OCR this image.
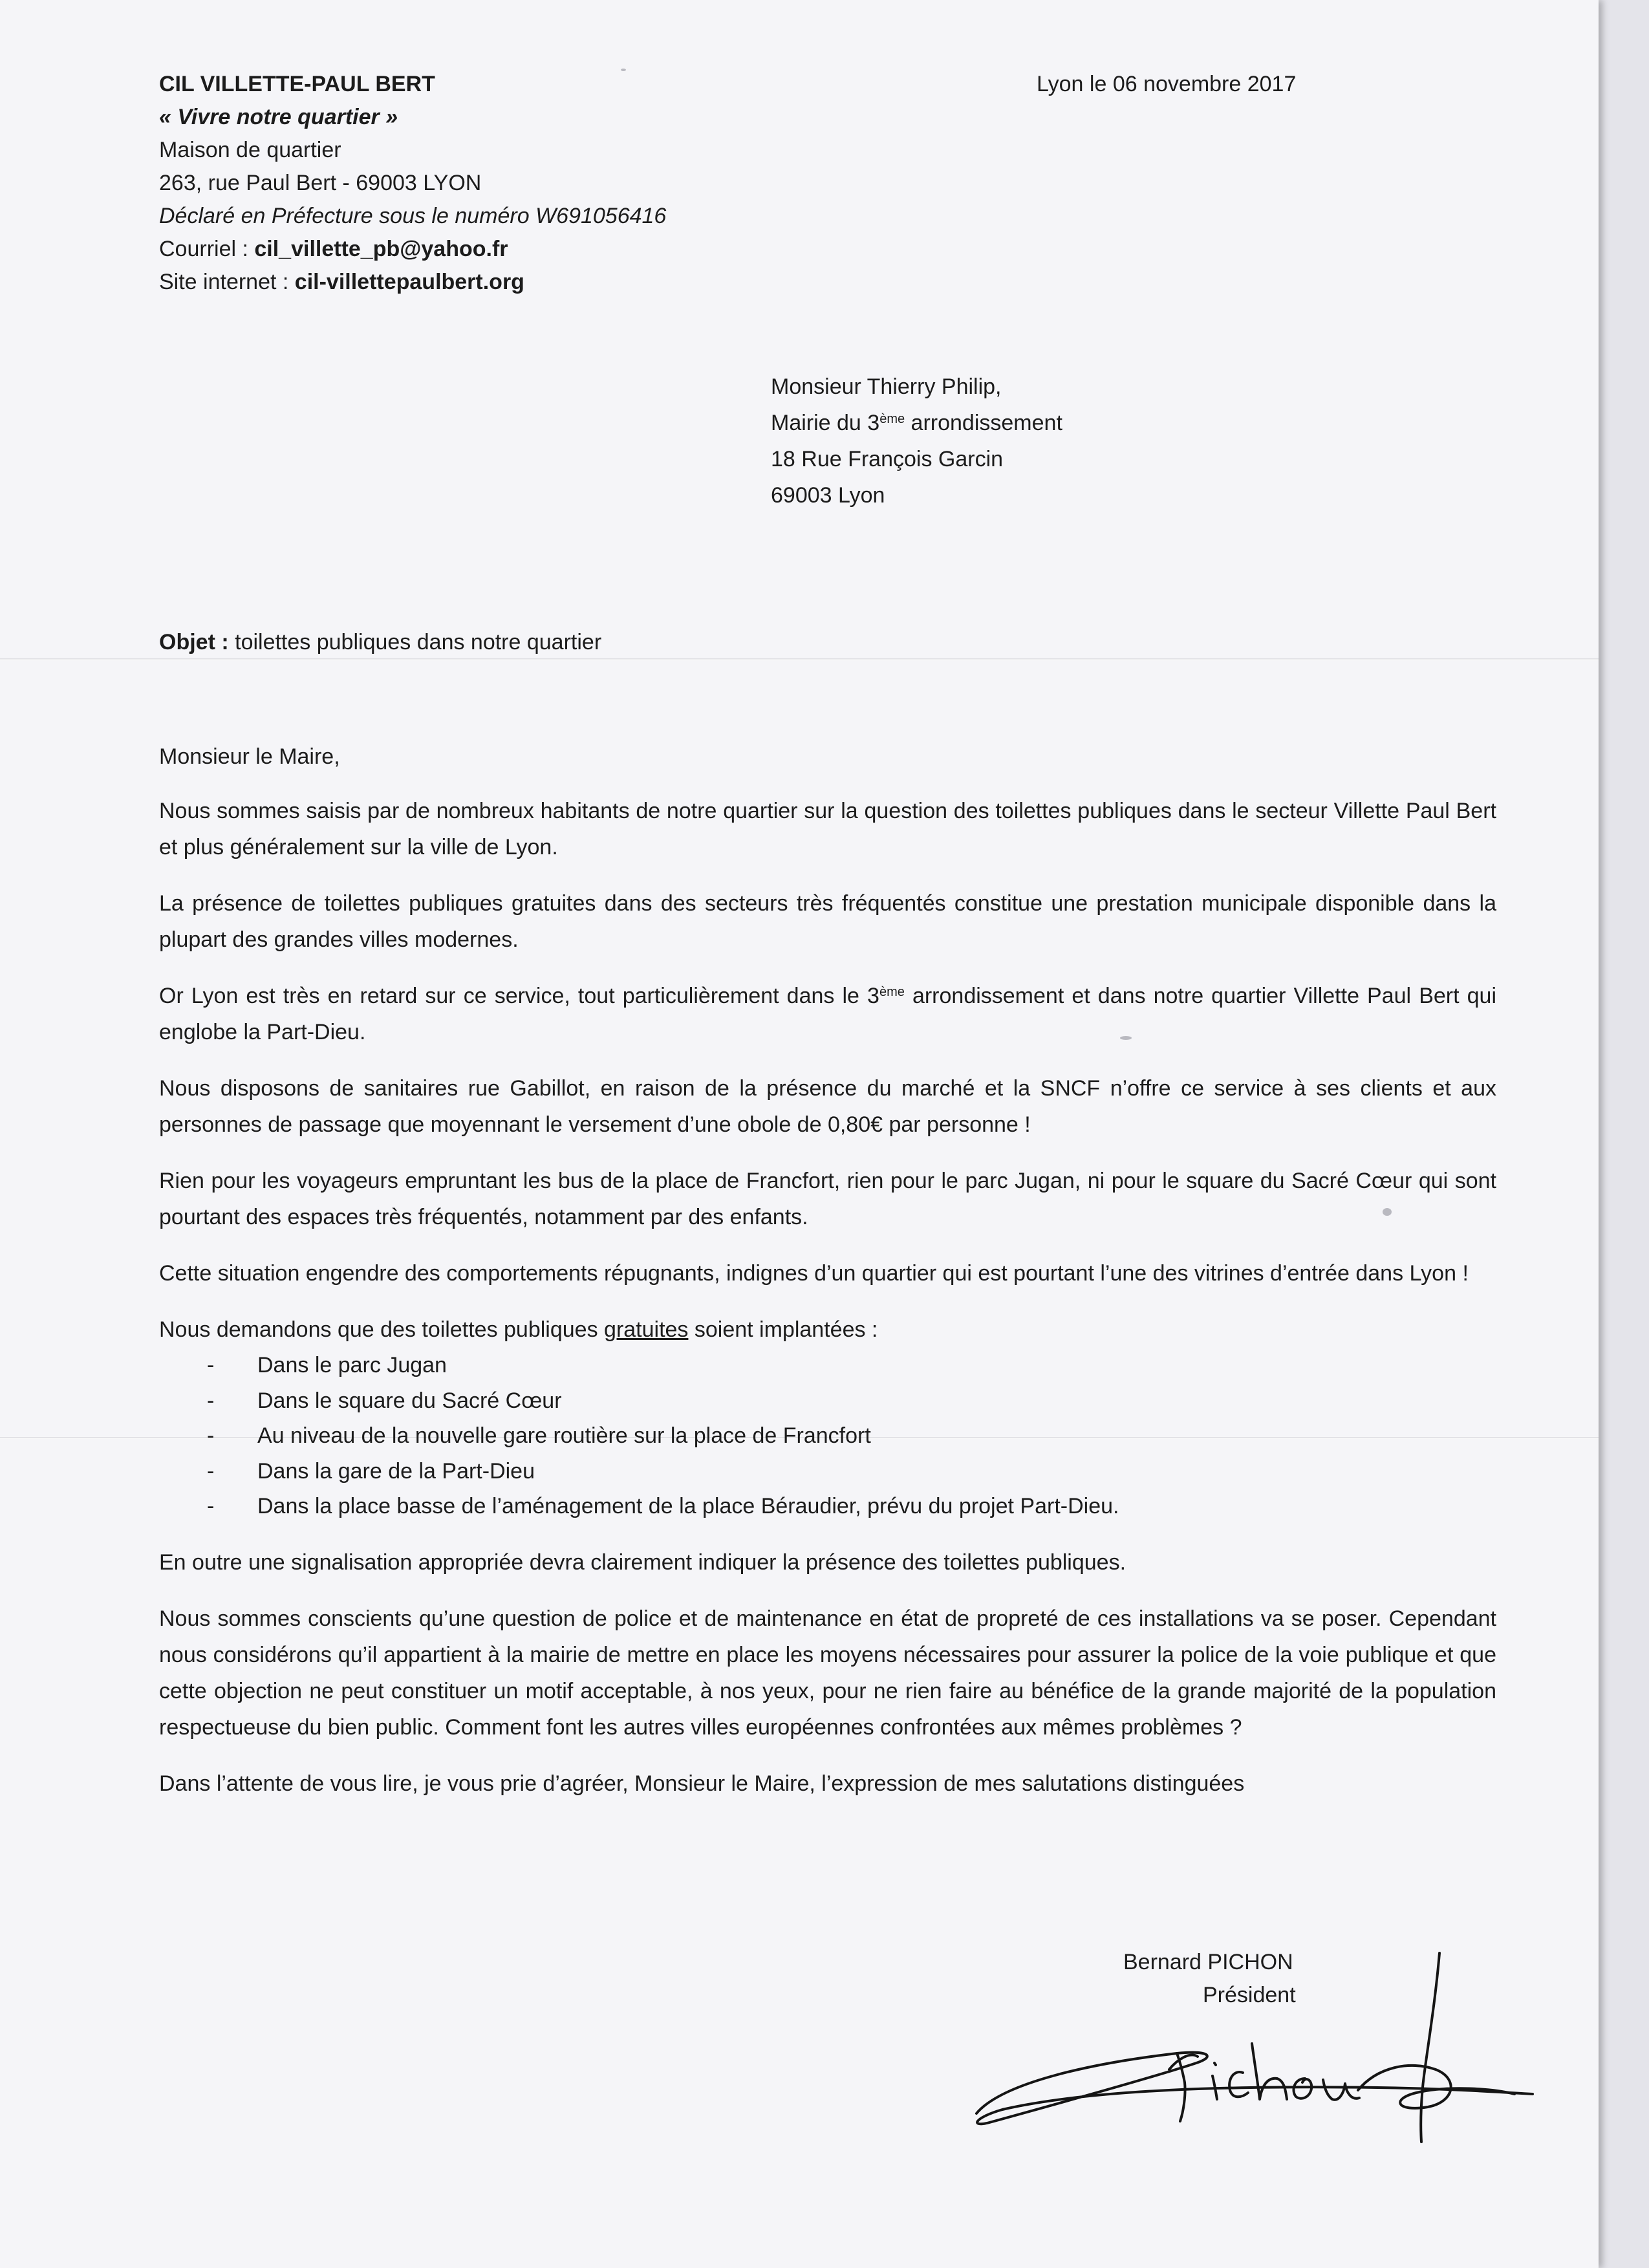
CIL VILLETTE-PAUL BERT
« Vivre notre quartier »
Maison de quartier
263, rue Paul Bert - 69003 LYON
Déclaré en Préfecture sous le numéro W691056416
Courriel : cil_villette_pb@yahoo.fr
Site internet : cil-villettepaulbert.org
Lyon le 06 novembre 2017
Monsieur Thierry Philip,
Mairie du 3ème arrondissement
18 Rue François Garcin
69003 Lyon
Objet : toilettes publiques dans notre quartier

Monsieur le Maire,

Nous sommes saisis par de nombreux habitants de notre quartier sur la question des toilettes publiques dans le secteur Villette Paul Bert et plus généralement sur la ville de Lyon.

La présence de toilettes publiques gratuites dans des secteurs très fréquentés constitue une prestation municipale disponible dans la plupart des grandes villes modernes.

Or Lyon est très en retard sur ce service, tout particulièrement dans le 3ème arrondissement et dans notre quartier Villette Paul Bert qui englobe la Part-Dieu.

Nous disposons de sanitaires rue Gabillot, en raison de la présence du marché et la SNCF n’offre ce service à ses clients et aux personnes de passage que moyennant le versement d’une obole de 0,80€ par personne !

Rien pour les voyageurs empruntant les bus de la place de Francfort, rien pour le parc Jugan, ni pour le square du Sacré Cœur qui sont pourtant des espaces très fréquentés, notamment par des enfants.

Cette situation engendre des comportements répugnants, indignes d’un quartier qui est pourtant l’une des vitrines d’entrée dans Lyon !

Nous demandons que des toilettes publiques gratuites soient implantées :

- Dans le parc Jugan
- Dans le square du Sacré Cœur
- Au niveau de la nouvelle gare routière sur la place de Francfort
- Dans la gare de la Part-Dieu
- Dans la place basse de l’aménagement de la place Béraudier, prévu du projet Part-Dieu.

En outre une signalisation appropriée devra clairement indiquer la présence des toilettes publiques.

Nous sommes conscients qu’une question de police et de maintenance en état de propreté de ces installations va se poser. Cependant nous considérons qu’il appartient à la mairie de mettre en place les moyens nécessaires pour assurer la police de la voie publique et que cette objection ne peut constituer un motif acceptable, à nos yeux, pour ne rien faire au bénéfice de la grande majorité de la population respectueuse du bien public. Comment font les autres villes européennes confrontées aux mêmes problèmes ?

Dans l’attente de vous lire, je vous prie d’agréer, Monsieur le Maire, l’expression de mes salutations distinguées

Bernard PICHON
Président
